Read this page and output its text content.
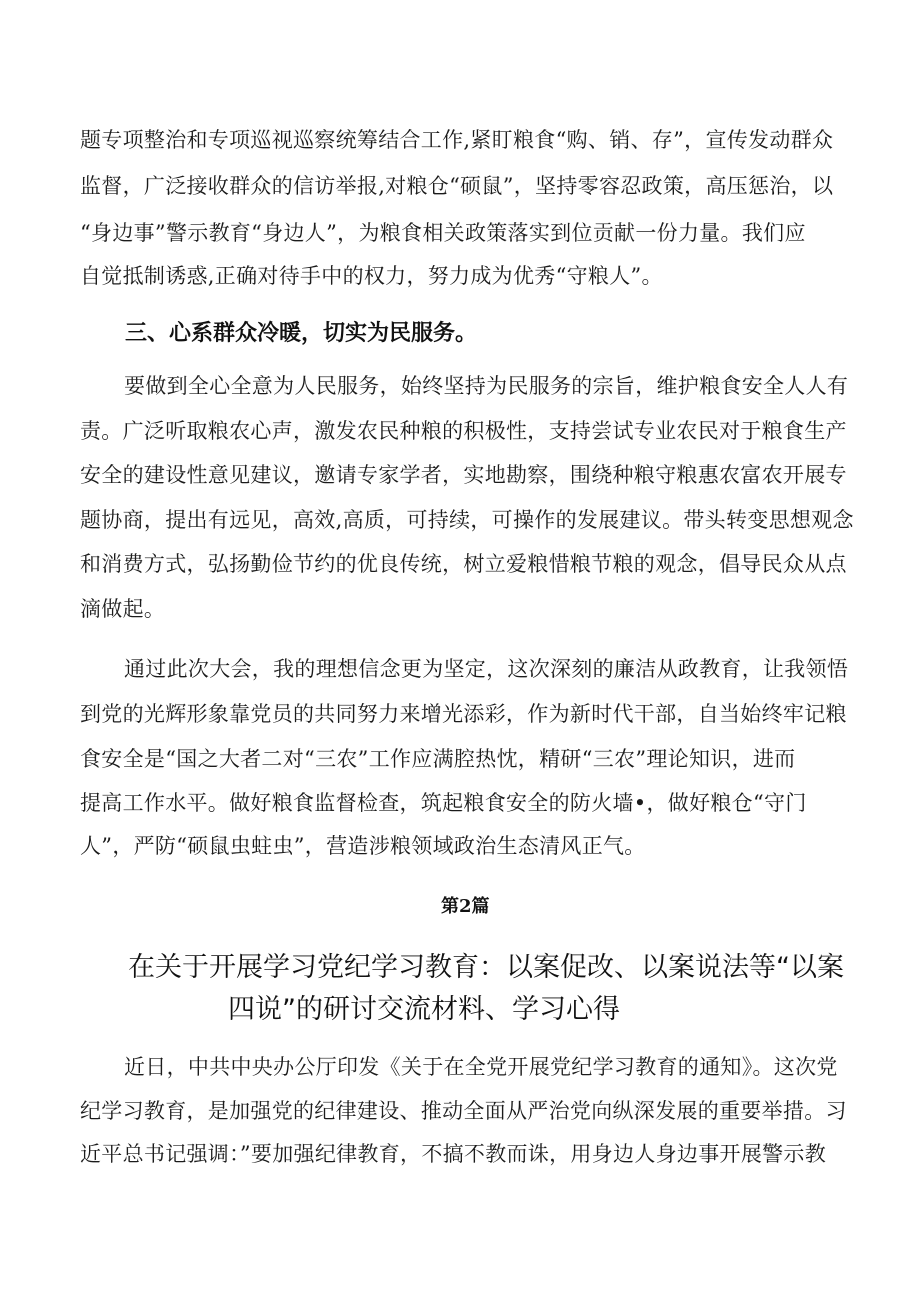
题专项整治和专项巡视巡察统筹结合工作,紧盯粮食“购、销、存”，宣传发动群众
监督，广泛接收群众的信访举报,对粮仓“硕鼠”，坚持零容忍政策，高压惩治，以
“身边事”警示教育“身边人”，为粮食相关政策落实到位贡献一份力量。我们应
自觉抵制诱惑,正确对待手中的权力，努力成为优秀“守粮人”。
三、心系群众冷暖，切实为民服务。
要做到全心全意为人民服务，始终坚持为民服务的宗旨，维护粮食安全人人有
责。广泛听取粮农心声，激发农民种粮的积极性，支持尝试专业农民对于粮食生产
安全的建设性意见建议，邀请专家学者，实地勘察，围绕种粮守粮惠农富农开展专
题协商，提出有远见，高效,高质，可持续，可操作的发展建议。带头转变思想观念
和消费方式，弘扬勤俭节约的优良传统，树立爱粮惜粮节粮的观念，倡导民众从点
滴做起。
通过此次大会，我的理想信念更为坚定，这次深刻的廉洁从政教育，让我领悟
到党的光辉形象靠党员的共同努力来增光添彩，作为新时代干部，自当始终牢记粮
食安全是“国之大者二对“三农”工作应满腔热忱，精研“三农”理论知识，进而
提高工作水平。做好粮食监督检查，筑起粮食安全的防火墙•，做好粮仓“守门
人”，严防“硕鼠虫蛀虫”，营造涉粮领域政治生态清风正气。
第2篇
在关于开展学习党纪学习教育：以案促改、以案说法等“以案
四说”的研讨交流材料、学习心得
近日，中共中央办公厅印发《关于在全党开展党纪学习教育的通知》。这次党
纪学习教育，是加强党的纪律建设、推动全面从严治党向纵深发展的重要举措。习
近平总书记强调：”要加强纪律教育，不搞不教而诛，用身边人身边事开展警示教
